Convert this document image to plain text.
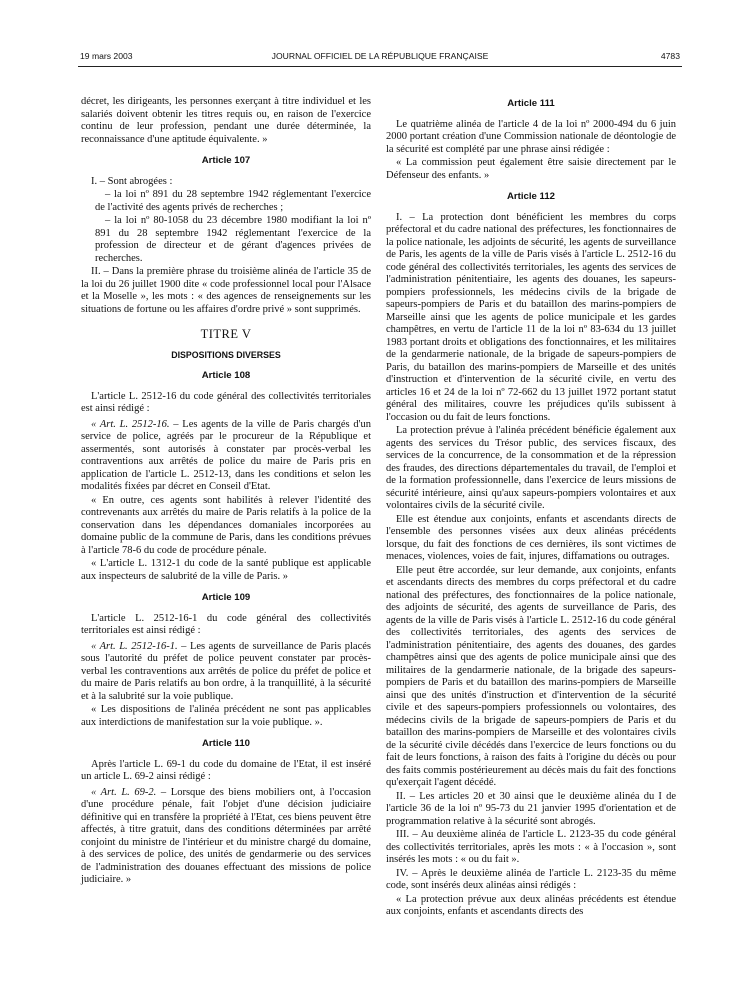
19 mars 2003	JOURNAL OFFICIEL DE LA RÉPUBLIQUE FRANÇAISE	4783

décret, les dirigeants, les personnes exerçant à titre individuel et les salariés doivent obtenir les titres requis ou, en raison de l'exercice continu de leur profession, pendant une durée déterminée, la reconnaissance d'une aptitude équivalente. »

Article 107

I. – Sont abrogées :

– la loi nº 891 du 28 septembre 1942 réglementant l'exercice de l'activité des agents privés de recherches ;

– la loi nº 80-1058 du 23 décembre 1980 modifiant la loi nº 891 du 28 septembre 1942 réglementant l'exercice de la profession de directeur et de gérant d'agences privées de recherches.

II. – Dans la première phrase du troisième alinéa de l'article 35 de la loi du 26 juillet 1900 dite « code professionnel local pour l'Alsace et la Moselle », les mots : « des agences de renseignements sur les situations de fortune ou les affaires d'ordre privé » sont supprimés.

TITRE V
DISPOSITIONS DIVERSES
Article 108

L'article L. 2512-16 du code général des collectivités territoriales est ainsi rédigé :

« Art. L. 2512-16. – Les agents de la ville de Paris chargés d'un service de police, agréés par le procureur de la République et assermentés, sont autorisés à constater par procès-verbal les contraventions aux arrêtés de police du maire de Paris pris en application de l'article L. 2512-13, dans les conditions et selon les modalités fixées par décret en Conseil d'Etat.

« En outre, ces agents sont habilités à relever l'identité des contrevenants aux arrêtés du maire de Paris relatifs à la police de la conservation dans les dépendances domaniales incorporées au domaine public de la commune de Paris, dans les conditions prévues à l'article 78-6 du code de procédure pénale.

« L'article L. 1312-1 du code de la santé publique est applicable aux inspecteurs de salubrité de la ville de Paris. »

Article 109

L'article L. 2512-16-1 du code général des collectivités territoriales est ainsi rédigé :

« Art. L. 2512-16-1. – Les agents de surveillance de Paris placés sous l'autorité du préfet de police peuvent constater par procès-verbal les contraventions aux arrêtés de police du préfet de police et du maire de Paris relatifs au bon ordre, à la tranquillité, à la sécurité et à la salubrité sur la voie publique.

« Les dispositions de l'alinéa précédent ne sont pas applicables aux interdictions de manifestation sur la voie publique. ».

Article 110

Après l'article L. 69-1 du code du domaine de l'Etat, il est inséré un article L. 69-2 ainsi rédigé :

« Art. L. 69-2. – Lorsque des biens mobiliers ont, à l'occasion d'une procédure pénale, fait l'objet d'une décision judiciaire définitive qui en transfère la propriété à l'Etat, ces biens peuvent être affectés, à titre gratuit, dans des conditions déterminées par arrêté conjoint du ministre de l'intérieur et du ministre chargé du domaine, à des services de police, des unités de gendarmerie ou des services de l'administration des douanes effectuant des missions de police judiciaire. »

Article 111

Le quatrième alinéa de l'article 4 de la loi nº 2000-494 du 6 juin 2000 portant création d'une Commission nationale de déontologie de la sécurité est complété par une phrase ainsi rédigée :

« La commission peut également être saisie directement par le Défenseur des enfants. »

Article 112

I. – La protection dont bénéficient les membres du corps préfectoral et du cadre national des préfectures, les fonctionnaires de la police nationale, les adjoints de sécurité, les agents de surveillance de Paris, les agents de la ville de Paris visés à l'article L. 2512-16 du code général des collectivités territoriales, les agents des services de l'administration pénitentiaire, les agents des douanes, les sapeurs-pompiers professionnels, les médecins civils de la brigade de sapeurs-pompiers de Paris et du bataillon des marins-pompiers de Marseille ainsi que les agents de police municipale et les gardes champêtres, en vertu de l'article 11 de la loi nº 83-634 du 13 juillet 1983 portant droits et obligations des fonctionnaires, et les militaires de la gendarmerie nationale, de la brigade de sapeurs-pompiers de Paris, du bataillon des marins-pompiers de Marseille et des unités d'instruction et d'intervention de la sécurité civile, en vertu des articles 16 et 24 de la loi nº 72-662 du 13 juillet 1972 portant statut général des militaires, couvre les préjudices qu'ils subissent à l'occasion ou du fait de leurs fonctions.

La protection prévue à l'alinéa précédent bénéficie également aux agents des services du Trésor public, des services fiscaux, des services de la concurrence, de la consommation et de la répression des fraudes, des directions départementales du travail, de l'emploi et de la formation professionnelle, dans l'exercice de leurs missions de sécurité intérieure, ainsi qu'aux sapeurs-pompiers volontaires et aux volontaires civils de la sécurité civile.

Elle est étendue aux conjoints, enfants et ascendants directs de l'ensemble des personnes visées aux deux alinéas précédents lorsque, du fait des fonctions de ces dernières, ils sont victimes de menaces, violences, voies de fait, injures, diffamations ou outrages.

Elle peut être accordée, sur leur demande, aux conjoints, enfants et ascendants directs des membres du corps préfectoral et du cadre national des préfectures, des fonctionnaires de la police nationale, des adjoints de sécurité, des agents de surveillance de Paris, des agents de la ville de Paris visés à l'article L. 2512-16 du code général des collectivités territoriales, des agents des services de l'administration pénitentiaire, des agents des douanes, des gardes champêtres ainsi que des agents de police municipale ainsi que des militaires de la gendarmerie nationale, de la brigade des sapeurs-pompiers de Paris et du bataillon des marins-pompiers de Marseille ainsi que des unités d'instruction et d'intervention de la sécurité civile et des sapeurs-pompiers professionnels ou volontaires, des médecins civils de la brigade de sapeurs-pompiers de Paris et du bataillon des marins-pompiers de Marseille et des volontaires civils de la sécurité civile décédés dans l'exercice de leurs fonctions ou du fait de leurs fonctions, à raison des faits à l'origine du décès ou pour des faits commis postérieurement au décès mais du fait des fonctions qu'exerçait l'agent décédé.

II. – Les articles 20 et 30 ainsi que le deuxième alinéa du I de l'article 36 de la loi nº 95-73 du 21 janvier 1995 d'orientation et de programmation relative à la sécurité sont abrogés.

III. – Au deuxième alinéa de l'article L. 2123-35 du code général des collectivités territoriales, après les mots : « à l'occasion », sont insérés les mots : « ou du fait ».

IV. – Après le deuxième alinéa de l'article L. 2123-35 du même code, sont insérés deux alinéas ainsi rédigés :

« La protection prévue aux deux alinéas précédents est étendue aux conjoints, enfants et ascendants directs des
